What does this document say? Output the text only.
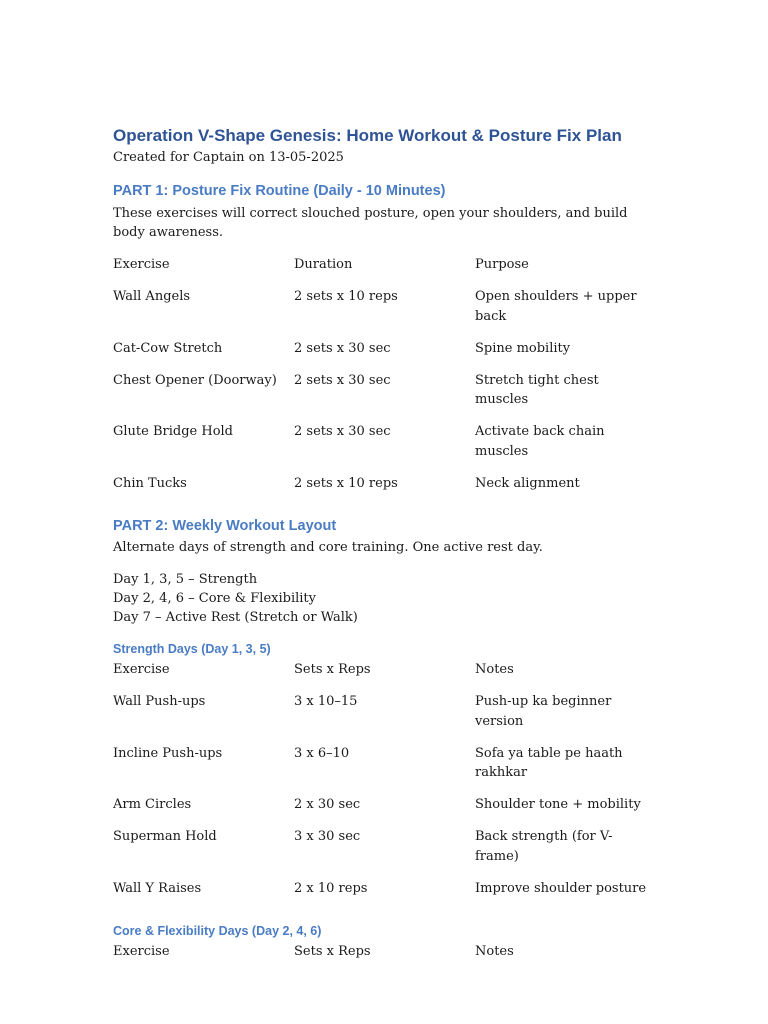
Operation V-Shape Genesis: Home Workout & Posture Fix Plan

Created for Captain on 13-05-2025

PART 1: Posture Fix Routine (Daily - 10 Minutes)

These exercises will correct slouched posture, open your shoulders, and build body awareness.

Exercise	Duration	Purpose
Wall Angels	2 sets x 10 reps	Open shoulders + upper back
Cat-Cow Stretch	2 sets x 30 sec	Spine mobility
Chest Opener (Doorway)	2 sets x 30 sec	Stretch tight chest muscles
Glute Bridge Hold	2 sets x 30 sec	Activate back chain muscles
Chin Tucks	2 sets x 10 reps	Neck alignment
PART 2: Weekly Workout Layout

Alternate days of strength and core training. One active rest day.

Day 1, 3, 5 – Strength

Day 2, 4, 6 – Core & Flexibility

Day 7 – Active Rest (Stretch or Walk)

Strength Days (Day 1, 3, 5)
Exercise	Sets x Reps	Notes
Wall Push-ups	3 x 10–15	Push-up ka beginner version
Incline Push-ups	3 x 6–10	Sofa ya table pe haath rakhkar
Arm Circles	2 x 30 sec	Shoulder tone + mobility
Superman Hold	3 x 30 sec	Back strength (for V-frame)
Wall Y Raises	2 x 10 reps	Improve shoulder posture
Core & Flexibility Days (Day 2, 4, 6)
Exercise	Sets x Reps	Notes
